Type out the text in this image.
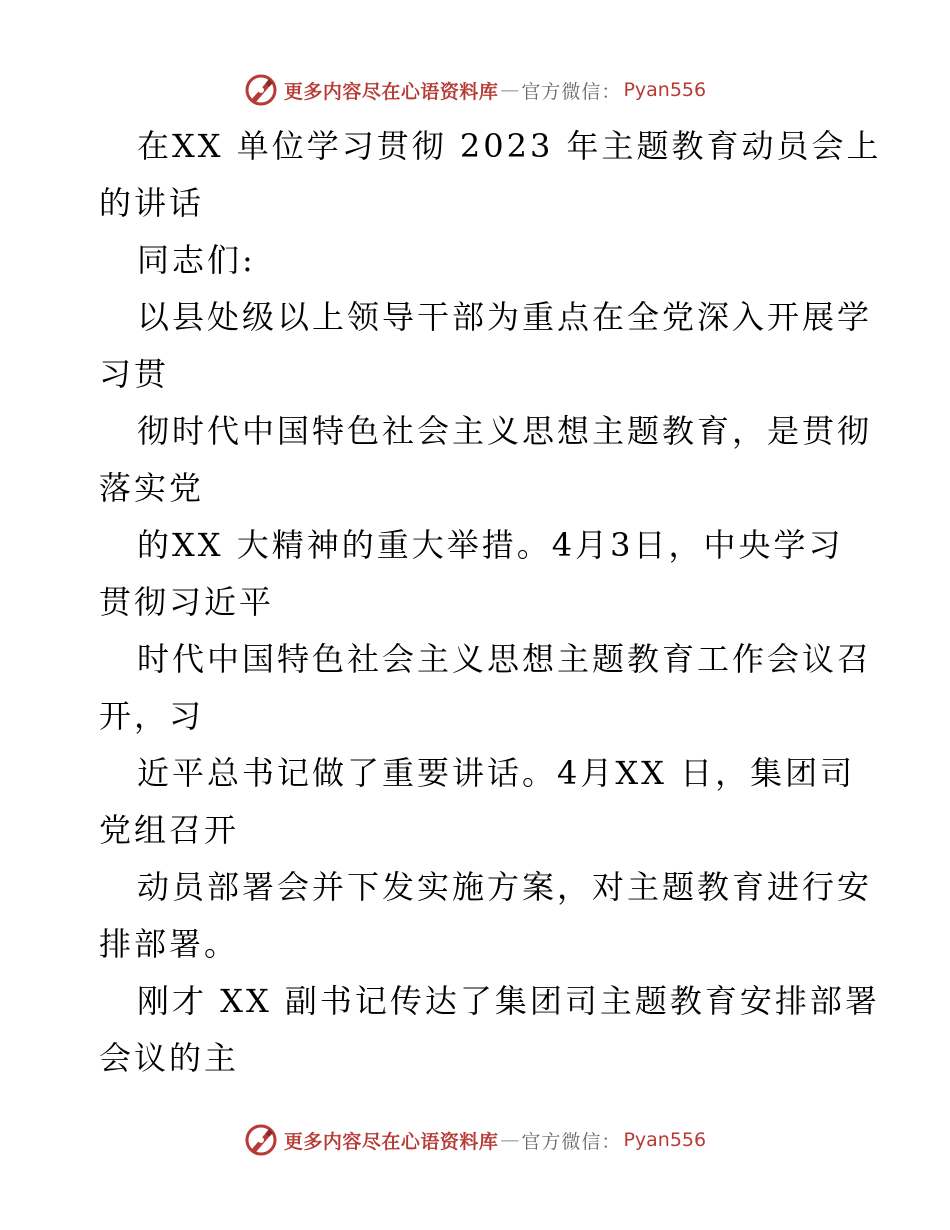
更多内容尽在心语资料库 — 官方微信： Pyan556
在XX 单位学习贯彻 2023 年主题教育动员会上
的讲话
同志们:
以县处级以上领导干部为重点在全党深入开展学
习贯
彻时代中国特色社会主义思想主题教育，是贯彻
落实党
的XX 大精神的重大举措。4月3日，中央学习
贯彻习近平
时代中国特色社会主义思想主题教育工作会议召
开，习
近平总书记做了重要讲话。4月XX 日，集团司
党组召开
动员部署会并下发实施方案，对主题教育进行安
排部署。
刚才 XX 副书记传达了集团司主题教育安排部署
会议的主
更多内容尽在心语资料库 — 官方微信： Pyan556
